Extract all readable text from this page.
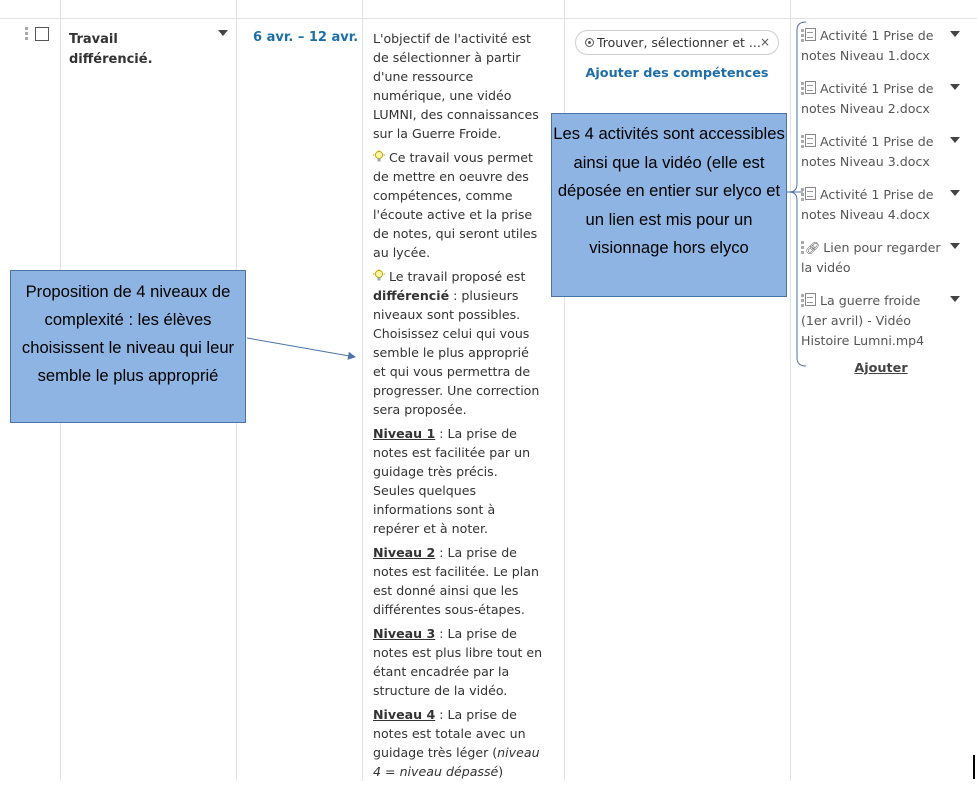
Travail différencié.
6 avr. – 12 avr. L'objectif de l'activité est de sélectionner à partir d'une ressource numérique, une vidéo LUMNI, des connaissances sur la Guerre Froide.

Ce travail vous permet de mettre en oeuvre des compétences, comme l'écoute active et la prise de notes, qui seront utiles au lycée.

Le travail proposé est différencié : plusieurs niveaux sont possibles. Choisissez celui qui vous semble le plus approprié et qui vous permettra de progresser. Une correction sera proposée.

Niveau 1 : La prise de notes est facilitée par un guidage très précis. Seules quelques informations sont à repérer et à noter.

Niveau 2 : La prise de notes est facilitée. Le plan est donné ainsi que les différentes sous-étapes.

Niveau 3 : La prise de notes est plus libre tout en étant encadrée par la structure de la vidéo.

Niveau 4 : La prise de notes est totale avec un guidage très léger (niveau 4 = niveau dépassé)

Trouver, sélectionner et ... ×
Ajouter des compétences
Activité 1 Prise de notes Niveau 1.docx
Activité 1 Prise de notes Niveau 2.docx
Activité 1 Prise de notes Niveau 3.docx
Activité 1 Prise de notes Niveau 4.docx
🔗︎ Lien pour regarder la vidéo
La guerre froide (1er avril) - Vidéo Histoire Lumni.mp4
Ajouter
Proposition de 4 niveaux de complexité : les élèves choisissent le niveau qui leur semble le plus approprié
Les 4 activités sont accessibles ainsi que la vidéo (elle est déposée en entier sur elyco et un lien est mis pour un visionnage hors elyco
